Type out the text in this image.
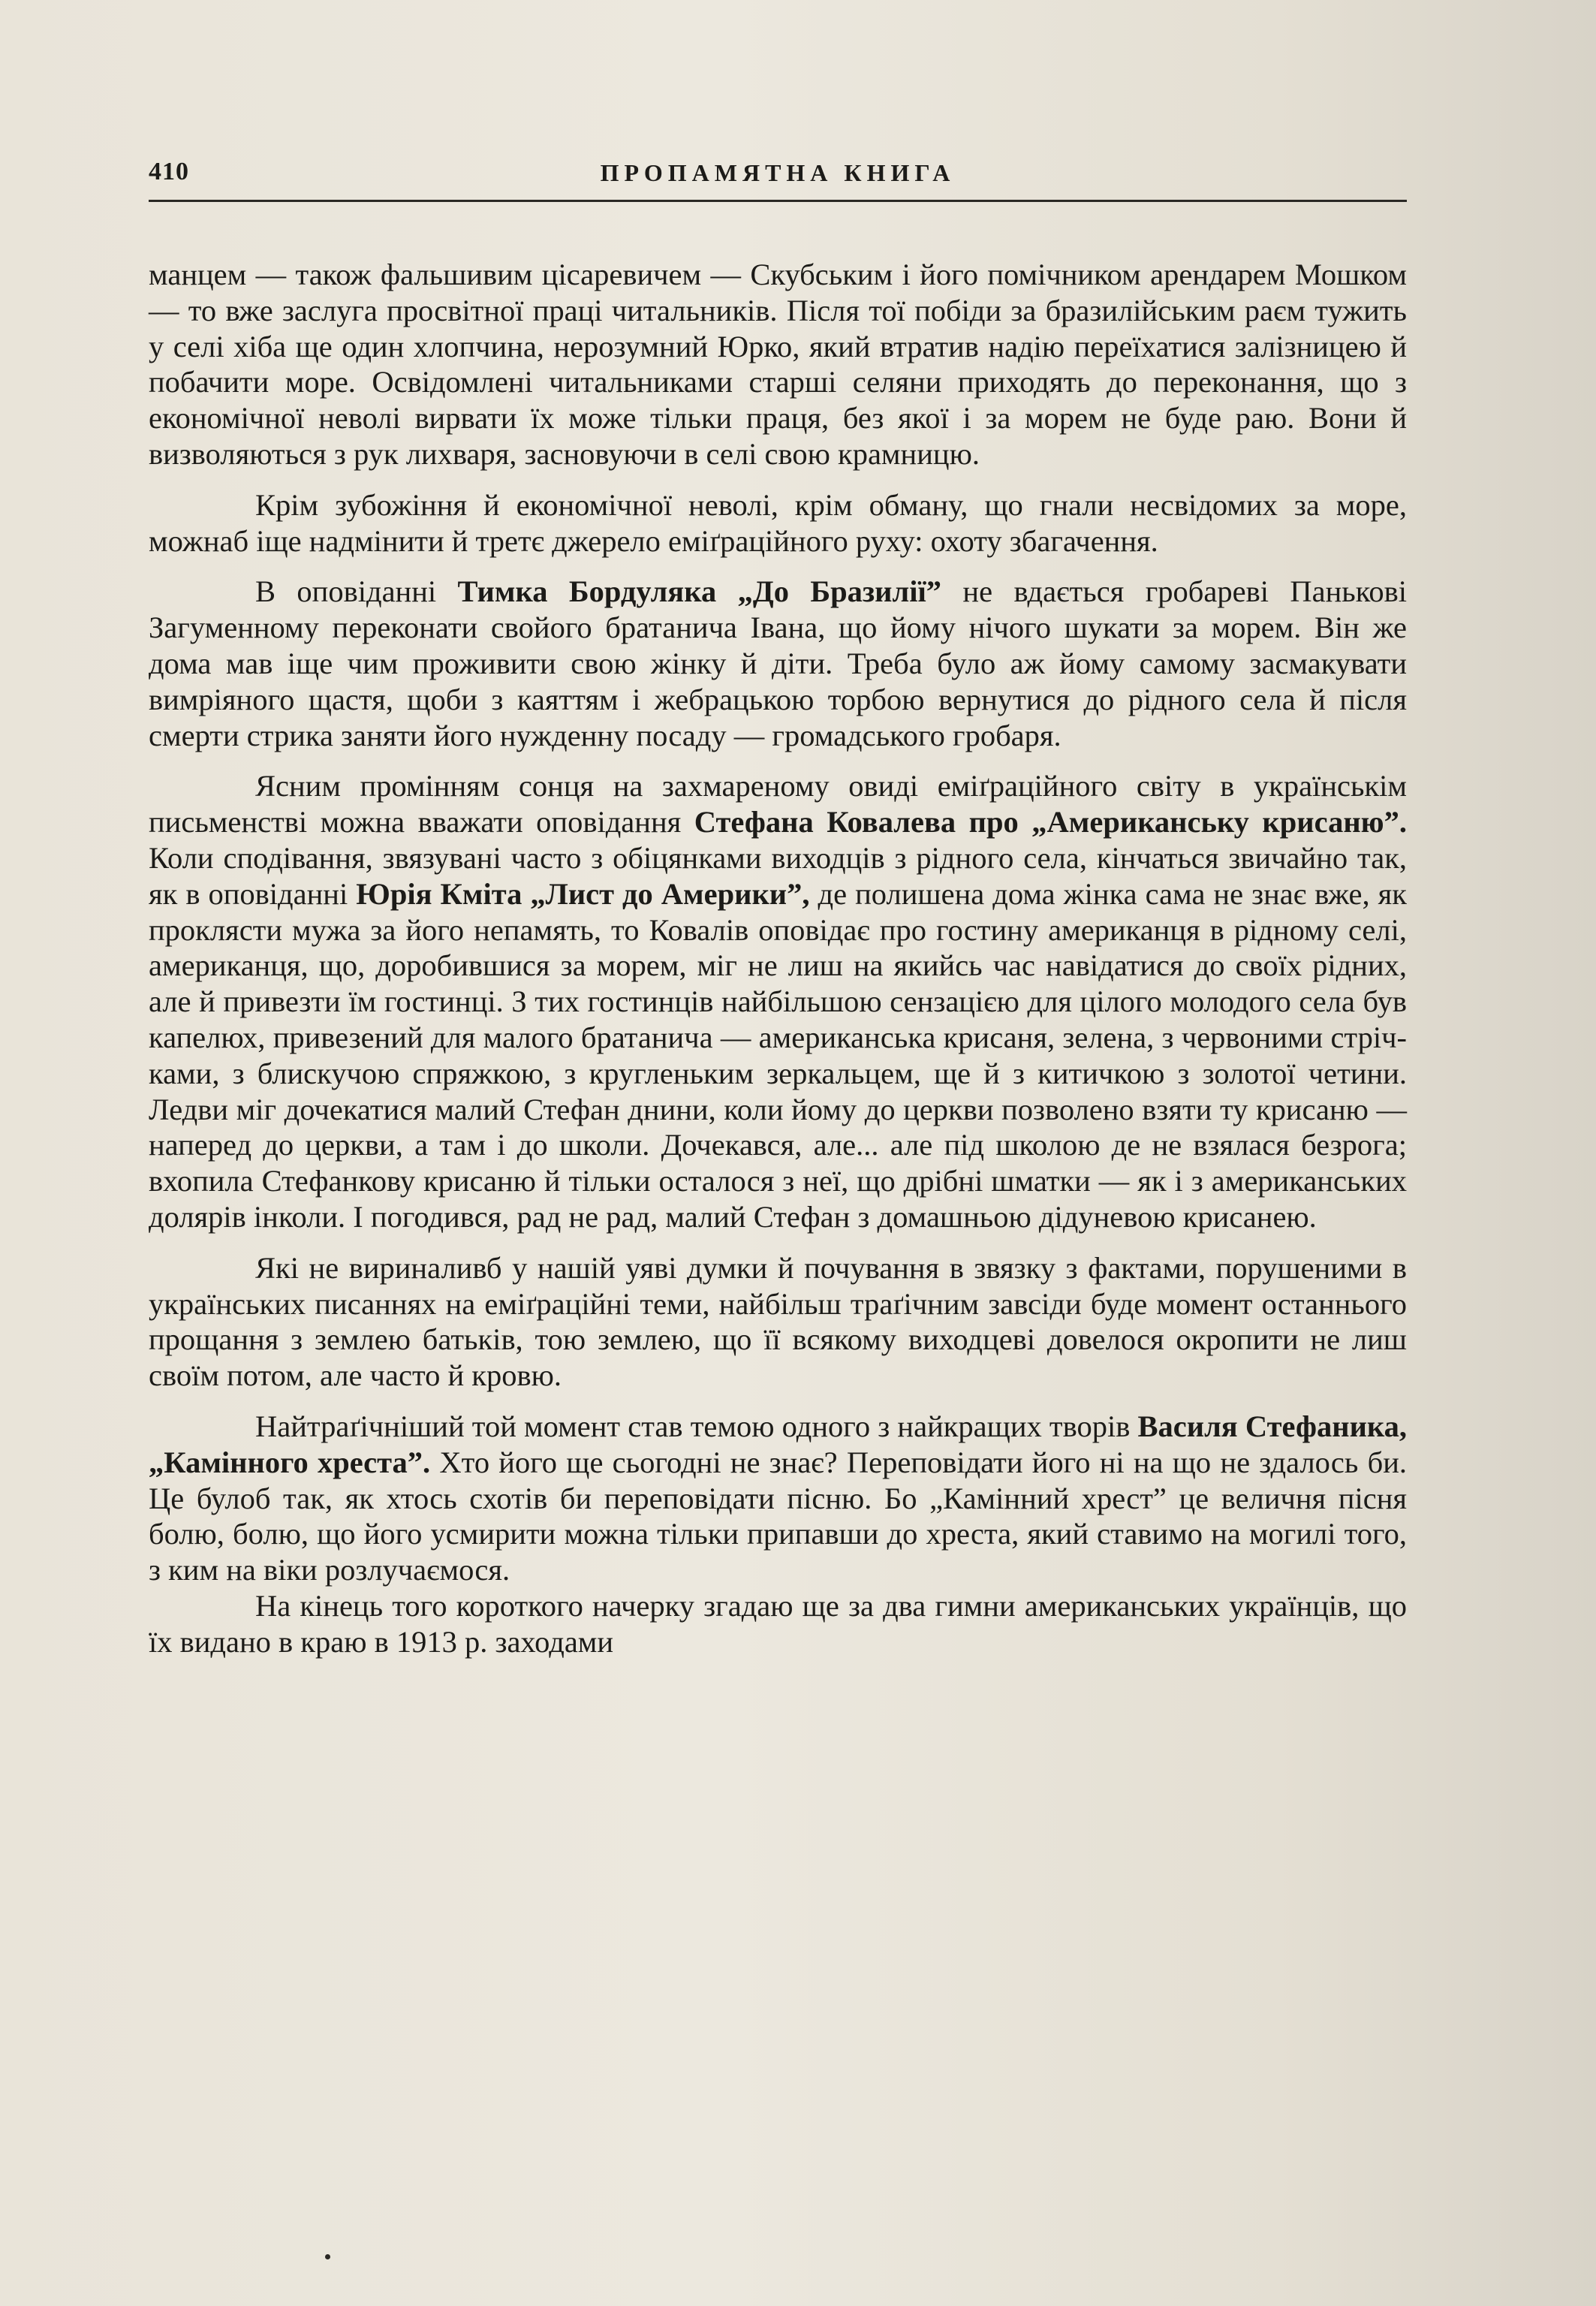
410	ПРОПАМЯТНА КНИГА

манцем — також фальшивим цісаревичем — Скубським і його помічником арендарем Мошком — то вже заслуга просвітної праці читальників. Після тої побіди за бразилійським раєм тужить у селі хіба ще один хлопчина, нерозумний Юрко, який втратив надію переїхатися залізницею й побачити море. Освідомлені читальниками старші селяни приходять до переконання, що з економічної неволі вирвати їх може тільки праця, без якої і за морем не буде раю. Вони й визволяються з рук лихваря, засновуючи в селі свою крамницю.

Крім зубожіння й економічної неволі, крім обману, що гнали несвідомих за море, можнаб іще надмінити й третє джерело еміґраційного руху: охоту збагачення.

В оповіданні Тимка Бордуляка „До Бразилії” не вдається гробареві Панькові Загуменному переконати свойого братанича Івана, що йому нічого шукати за морем. Він же дома мав іще чим проживити свою жінку й діти. Треба було аж йому самому засмакувати вимріяного щастя, щоби з каяттям і жебрацькою торбою вернутися до рідного села й після смерти стрика заняти його нужденну посаду — громадського гробаря.

Ясним промінням сонця на захмареному овиді еміґраційного світу в українськім письменстві можна вважати оповідання Стефана Ковалева про „Американську крисаню”. Коли сподівання, звязувані часто з обіцянками виходців з рідного села, кінчаться звичайно так, як в оповіданні Юрія Кміта „Лист до Америки”, де полишена дома жінка сама не знає вже, як проклясти мужа за його непамять, то Ковалів оповідає про гостину американця в рідному селі, американця, що, доробившися за морем, міг не лиш на якийсь час навідатися до своїх рідних, але й привезти їм гостинці. З тих гостинців найбільшою сензацією для цілого молодого села був капелюх, привезений для малого братанича — американська крисаня, зелена, з червоними стрічками, з блискучою спряжкою, з кругленьким зеркальцем, ще й з китичкою з золотої четини. Ледви міг дочекатися малий Стефан днини, коли йому до церкви позволено взяти ту крисаню — наперед до церкви, а там і до школи. Дочекався, але... але під школою де не взялася безрога; вхопила Стефанкову крисаню й тільки осталося з неї, що дрібні шматки — як і з американських долярів інколи. І погодився, рад не рад, малий Стефан з домашньою дідуневою крисанею.

Які не вириналивб у нашій уяві думки й почування в звязку з фактами, порушеними в українських писаннях на еміґраційні теми, найбільш траґічним завсіди буде момент останнього прощання з землею батьків, тою землею, що її всякому виходцеві довелося окропити не лиш своїм потом, але часто й кровю.

Найтраґічніший той момент став темою одного з найкращих творів Василя Стефаника, „Камінного хреста”. Хто його ще сьогодні не знає? Переповідати його ні на що не здалось би. Це булоб так, як хтось схотів би переповідати пісню. Бо „Камінний хрест” це величня пісня болю, болю, що його усмирити можна тільки припавши до хреста, який ставимо на могилі того, з ким на віки розлучаємося.

На кінець того короткого начерку згадаю ще за два гимни американських українців, що їх видано в краю в 1913 р. заходами
